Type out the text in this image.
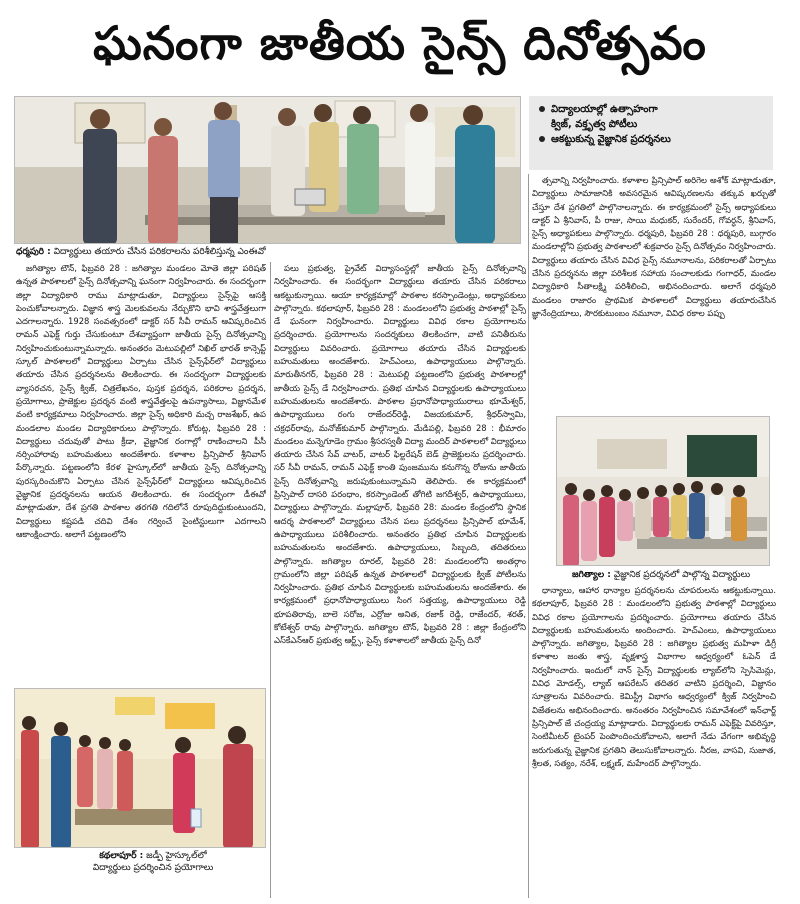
ఘనంగా జాతీయ సైన్స్ దినోత్సవం
ధర్మపురి : విద్యార్థులు తయారు చేసిన పరికరాలను పరిశీలిస్తున్న ఎంఈవో
విద్యాలయాల్లో ఉత్సాహంగా
క్విజ్, వక్తృత్వ పోటీలు
ఆకట్టుకున్న వైజ్ఞానిక ప్రదర్శనలు

జగిత్యాల టౌన్, ఫిబ్రవరి 28 : జగిత్యాల మండలం మోతె జిల్లా పరిషత్ ఉన్నత పాఠశాలలో సైన్స్ దినోత్సవాన్ని ఘనంగా నిర్వహించారు. ఈ సందర్భంగా జిల్లా విద్యాధికారి రాము మాట్లాడుతూ, విద్యార్థులు సైన్స్‌పై ఆసక్తి పెంచుకోవాలన్నారు. విజ్ఞాన శాస్త్ర మెలకువలను నేర్చుకొని భావి శాస్త్రవేత్తలుగా ఎదగాలన్నారు. 1928 సంవత్సరంలో డాక్టర్ సర్ సీవీ రామన్ ఆవిష్కరించిన రామన్ ఎఫెక్ట్ గుర్తు చేసుకుంటూ దేశవ్యాప్తంగా జాతీయ సైన్స్ దినోత్సవాన్ని నిర్వహించుకుంటున్నామన్నారు. అనంతరం మెటుపల్లిలో నిఖిల్ భారత్ కాన్సెప్ట్ స్కూల్ పాఠశాలలో విద్యార్థులు ఏర్పాటు చేసిన సైన్స్‌ఫేర్‌లో విద్యార్థులు తయారు చేసిన ప్రదర్శనలను తిలకించారు. ఈ సందర్భంగా విద్యార్థులకు వ్యాసరచన, సైన్స్ క్విజ్, చిత్రలేఖనం, పుస్తక ప్రదర్శన, పరికరాల ప్రదర్శన, ప్రయోగాలు, ప్రాజెక్టుల ప్రదర్శన వంటి శాస్త్రవేత్తలపై ఉపన్యాసాలు, విజ్ఞానమేళ వంటి కార్యక్రమాలు నిర్వహించారు. జిల్లా సైన్స్ అధికారి మచ్చ రాజశేఖర్, ఉప మండలాల మండల విద్యాధికారులు పాల్గొన్నారు. కోరుట్ల, ఫిబ్రవరి 28 : విద్యార్థులు చదువుతో పాటు క్రీడా, వైజ్ఞానిక రంగాల్లో రాణించాలని పీసీ నర్సింహారావు బహుమతులు అందజేశారు. కళాశాల ప్రిన్సిపాల్ శ్రీనివాస్ పేర్కొన్నారు. పట్టణంలోని కేరళ హైస్కూల్‌లో జాతీయ సైన్స్ దినోత్సవాన్ని పురస్కరించుకొని ఏర్పాటు చేసిన సైన్స్‌ఫేర్‌లో విద్యార్థులు ఆవిష్కరించిన వైజ్ఞానిక ప్రదర్శనలను ఆయన తిలకించారు. ఈ సందర్భంగా డీఈవో మాట్లాడుతూ, దేశ ప్రగతి పాఠశాల తరగతి గదిలోనే రూపుదిద్దుకుంటుందని, విద్యార్థులు కష్టపడి చదివి దేశం గర్వించే సైంటిస్టులుగా ఎదగాలని ఆకాంక్షించారు. అలాగే పట్టణంలోని

పలు ప్రభుత్వ, ప్రైవేట్ విద్యాసంస్థల్లో జాతీయ సైన్స్ దినోత్సవాన్ని నిర్వహించారు. ఈ సందర్భంగా విద్యార్థులు తయారు చేసిన పరికరాలు ఆకట్టుకున్నాయి. ఆయా కార్యక్రమాల్లో పాఠశాల కరస్పాండెంట్లు, అధ్యాపకులు పాల్గొన్నారు. కథలాపూర్, ఫిబ్రవరి 28 : మండలంలోని ప్రభుత్వ పాఠశాల్లో సైన్స్ డే ఘనంగా నిర్వహించారు. విద్యార్థులు వివిధ రకాల ప్రయోగాలను ప్రదర్శించారు. ప్రయోగాలను సందర్శకులు తిలకించగా, వాటి పనితీరును విద్యార్థులు వివరించారు. ప్రయోగాలు తయారు చేసిన విద్యార్థులకు బహుమతులు అందజేశారు. హెచ్ఎంలు, ఉపాధ్యాయులు పాల్గొన్నారు. మారుతీనగర్, ఫిబ్రవరి 28 : మెటుపల్లి పట్టణంలోని ప్రభుత్వ పాఠశాలల్లో జాతీయ సైన్స్ డే నిర్వహించారు. ప్రతిభ చూపిన విద్యార్థులకు ఉపాధ్యాయులు బహుమతులను అందజేశారు. పాఠశాల ప్రధానోపాధ్యాయురాలు భూమేశ్వర్, ఉపాధ్యాయులు రంగు రాజేందర్‌రెడ్డి, విజయకుమార్, శ్రీధర్‌స్వామి, చక్రధర్‌రావు, మనోజ్‌కుమార్ పాల్గొన్నారు. మేడిపల్లి, ఫిబ్రవరి 28 : భీమారం మండలం మన్నెగూడెం గ్రామం శ్రీసరస్వతీ విద్యా మందిర్ పాఠశాలలో విద్యార్థులు తయారు చేసిన సేవ్ వాటర్, వాటర్ ఫిల్టరేషన్ బెడ్ ప్రాజెక్టులను ప్రదర్శించారు. సర్ సీవీ రామన్, రామన్ ఎఫెక్ట్ కాంతి పుంజమును కనుగొన్న రోజును జాతీయ సైన్స్ దినోత్సవాన్ని జరుపుకుంటున్నామని తెలిపారు. ఈ కార్యక్రమంలో ప్రిన్సిపాల్ దాసరి పరంధాం, కరస్పాండెంట్ తోగిటి జగదీశ్వర్, ఉపాధ్యాయులు, విద్యార్థులు పాల్గొన్నారు. మల్లాపూర్, ఫిబ్రవరి 28: మండల కేంద్రంలోని స్థానిక ఆదర్శ పాఠశాలలో విద్యార్థులు చేసిన పలు ప్రదర్శనలు ప్రిన్సిపాల్ భూమేశ్, ఉపాధ్యాయులు పరిశీలించారు. అనంతరం ప్రతిభ చూపిన విద్యార్థులకు బహుమతులను అందజేశారు. ఉపాధ్యాయులు, సిబ్బంది, తదితరులు పాల్గొన్నారు. జగిత్యాల రూరల్, ఫిబ్రవరి 28: మండలంలోని అంతర్గాం గ్రామంలోని జిల్లా పరిషత్ ఉన్నత పాఠశాలలో విద్యార్థులకు క్విజ్ పోటీలను నిర్వహించారు. ప్రతిభ చూపిన విద్యార్థులకు బహుమతులను అందజేశారు. ఈ కార్యక్రమంలో ప్రధానోపాధ్యాయులు సింగ సత్తయ్య, ఉపాధ్యాయులు రెడ్డి భూపతిరావు, బాలె సరోజ, ఎర్రోజు అనిత, రజాక్ రెడ్డి, రాజేందర్, శరత్, కోటేశ్వర్ రావు పాల్గొన్నారు. జగిత్యాల టౌన్, ఫిబ్రవరి 28 : జిల్లా కేంద్రంలోని ఎస్‌కేఎన్‌ఆర్ ప్రభుత్వ ఆర్ట్స్, సైన్స్ కళాశాలలో జాతీయ సైన్స్ దినో

త్సవాన్ని నిర్వహించారు. కళాశాల ప్రిన్సిపాల్ అరిగెల అశోక్ మాట్లాడుతూ, విద్యార్థులు సామాజానికి అవసరమైన ఆవిష్కరణలను తక్కువ ఖర్చుతో చేస్తూ దేశ ప్రగతిలో పాల్గొనాలన్నారు. ఈ కార్యక్రమంలో సైన్స్ అధ్యాపకులు డాక్టర్ ఏ శ్రీనివాస్, పీ రాజు, సాయి మధుకర్, సురేందర్, గోవర్ధన్, శ్రీనివాస్, సైన్స్ అధ్యాపకులు పాల్గొన్నారు. ధర్మపురి, ఫిబ్రవరి 28 : ధర్మపురి, బుగ్గారం మండలాల్లోని ప్రభుత్వ పాఠశాలలో శుక్రవారం సైన్స్ దినోత్సవం నిర్వహించారు. విద్యార్థులు తయారు చేసిన వివిధ సైన్స్ నమూనాలను, పరికరాలతో ఏర్పాటు చేసిన ప్రదర్శనను జిల్లా పరిశీలక సహాయ సంచాలకుడు గంగాధర్, మండల విద్యాధికారి సీతాలక్ష్మి పరిశీలించి, అభినందించారు. అలాగే ధర్మపురి మండలం రాజారం ప్రాథమిక పాఠశాలలో విద్యార్థులు తయారుచేసిన జ్ఞానేంద్రియాలు, సౌరకుటుంబం నమూనా, వివిధ రకాల పప్పు

జగిత్యాల : వైజ్ఞానిక ప్రదర్శనలో పాల్గొన్న విద్యార్థులు

ధాన్యాలు, ఆహార ధాన్యాల ప్రదర్శనలను చూపరులను ఆకట్టుకున్నాయి. కథలాపూర్, ఫిబ్రవరి 28 : మండలంలోని ప్రభుత్వ పాఠశాల్లో విద్యార్థులు వివిధ రకాల ప్రయోగాలను ప్రదర్శించారు. ప్రయోగాలు తయారు చేసిన విద్యార్థులకు బహుమతులను అందించారు. హెచ్ఎంలు, ఉపాధ్యాయులు పాల్గొన్నారు. జగిత్యాల, ఫిబ్రవరి 28 : జగిత్యాల ప్రభుత్వ మహిళా డిగ్రీ కళాశాల జంతు శాస్త్ర, వృక్షశాస్త్ర విభాగాల ఆధ్వర్యంలో ఓపెన్ డే నిర్వహించారు. ఇందులో నాన్ సైన్స్ విద్యార్థులకు ల్యాబ్‌లోని స్పెసిమెన్లు, వివిధ మోడల్స్, ల్యాబ్ ఆపరేటస్ తదితర వాటిని ప్రదర్శించి, విజ్ఞానం సూత్రాలను వివరించారు. కెమిస్ట్రీ విభాగం ఆధ్వర్యంలో క్విజ్ నిర్వహించి విజేతలను అభినందించారు. అనంతరం నిర్వహించిన సమావేశంలో ఇన్‌ఛార్జ్ ప్రిన్సిపాల్ జే చంద్రయ్య మాట్లాడారు. విద్యార్థులకు రామన్ ఎఫెక్ట్‌పై వివరిస్తూ, సెంటిమీటర్ టైంపర్ పెంపొందించుకోవాలని, అలాగే నేడు వేగంగా అభివృద్ధి జరుగుతున్న వైజ్ఞానిక ప్రగతిని తెలుసుకోవాలన్నారు. నీరజ, వాసవి, సుజాత, శ్రీలత, సత్యం, నరేశ్, లక్ష్మణ్, మహేందర్ పాల్గొన్నారు.

కథలాపూర్ : జడ్పీ హైస్కూల్‌లో
విద్యార్థులు ప్రదర్శించిన ప్రయోగాలు
